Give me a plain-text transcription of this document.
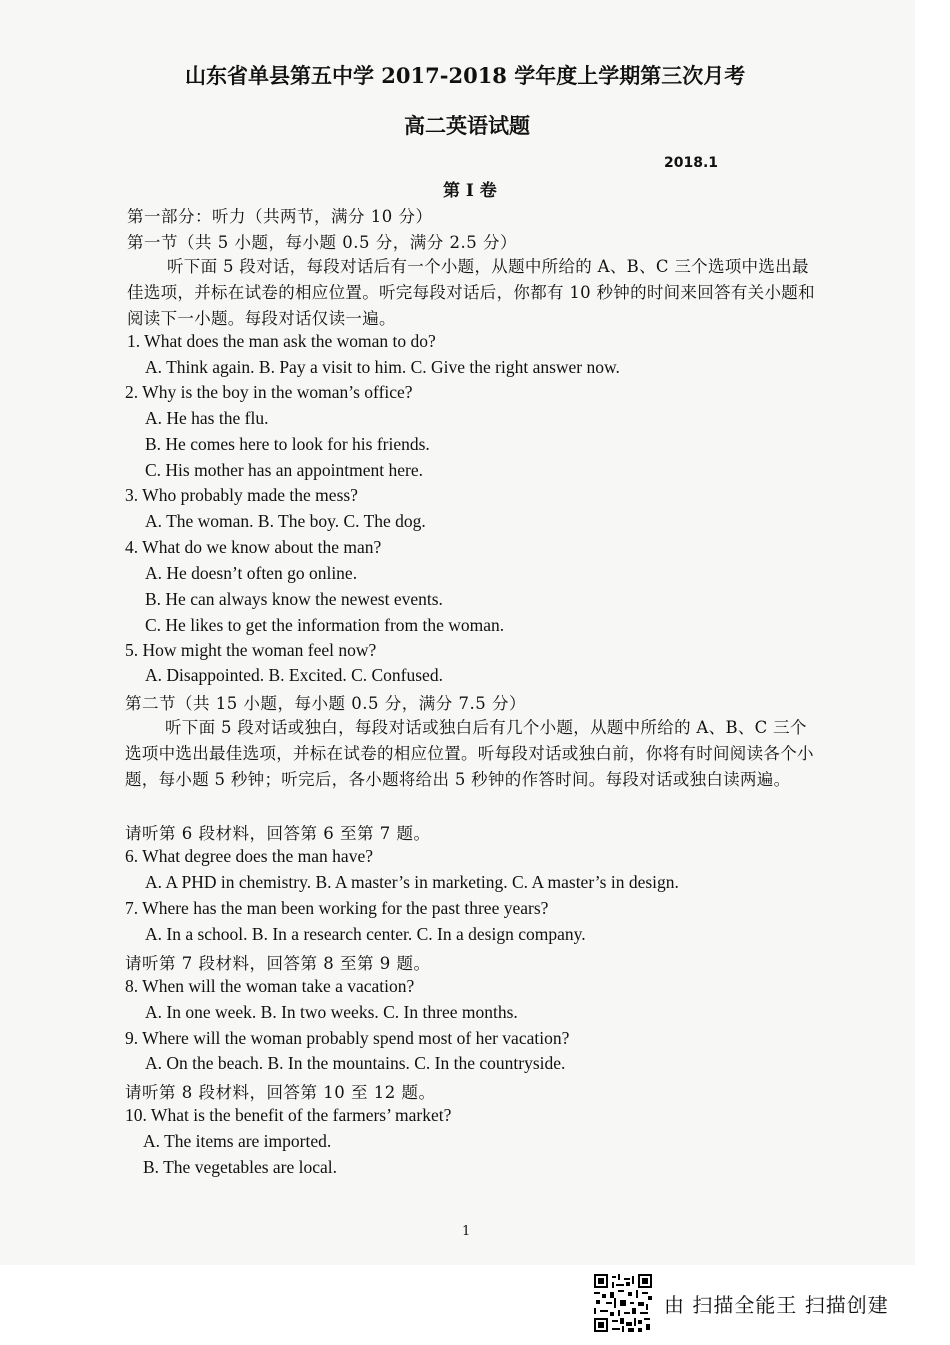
山东省单县第五中学 2017-2018 学年度上学期第三次月考
高二英语试题
2018.1
第 I 卷
第一部分：听力（共两节，满分 10 分）
第一节（共 5 小题，每小题 0.5 分，满分 2.5 分）
听下面 5 段对话，每段对话后有一个小题，从题中所给的 A、B、C 三个选项中选出最佳选项，并标在试卷的相应位置。听完每段对话后，你都有 10 秒钟的时间来回答有关小题和阅读下一小题。每段对话仅读一遍。
1. What does the man ask the woman to do?
A. Think again. B. Pay a visit to him. C. Give the right answer now.
2. Why is the boy in the woman’s office?
A. He has the flu.
B. He comes here to look for his friends.
C. His mother has an appointment here.
3. Who probably made the mess?
A. The woman. B. The boy. C. The dog.
4. What do we know about the man?
A. He doesn’t often go online.
B. He can always know the newest events.
C. He likes to get the information from the woman.
5. How might the woman feel now?
A. Disappointed. B. Excited. C. Confused.
第二节（共 15 小题，每小题 0.5 分，满分 7.5 分）
听下面 5 段对话或独白，每段对话或独白后有几个小题，从题中所给的 A、B、C 三个选项中选出最佳选项，并标在试卷的相应位置。听每段对话或独白前，你将有时间阅读各个小题，每小题 5 秒钟；听完后，各小题将给出 5 秒钟的作答时间。每段对话或独白读两遍。
请听第 6 段材料，回答第 6 至第 7 题。
6. What degree does the man have?
A. A PHD in chemistry. B. A master’s in marketing. C. A master’s in design.
7. Where has the man been working for the past three years?
A. In a school. B. In a research center. C. In a design company.
请听第 7 段材料，回答第 8 至第 9 题。
8. When will the woman take a vacation?
A. In one week. B. In two weeks. C. In three months.
9. Where will the woman probably spend most of her vacation?
A. On the beach. B. In the mountains. C. In the countryside.
请听第 8 段材料，回答第 10 至 12 题。
10. What is the benefit of the farmers’ market?
A. The items are imported.
B. The vegetables are local.
1
由 扫描全能王 扫描创建
